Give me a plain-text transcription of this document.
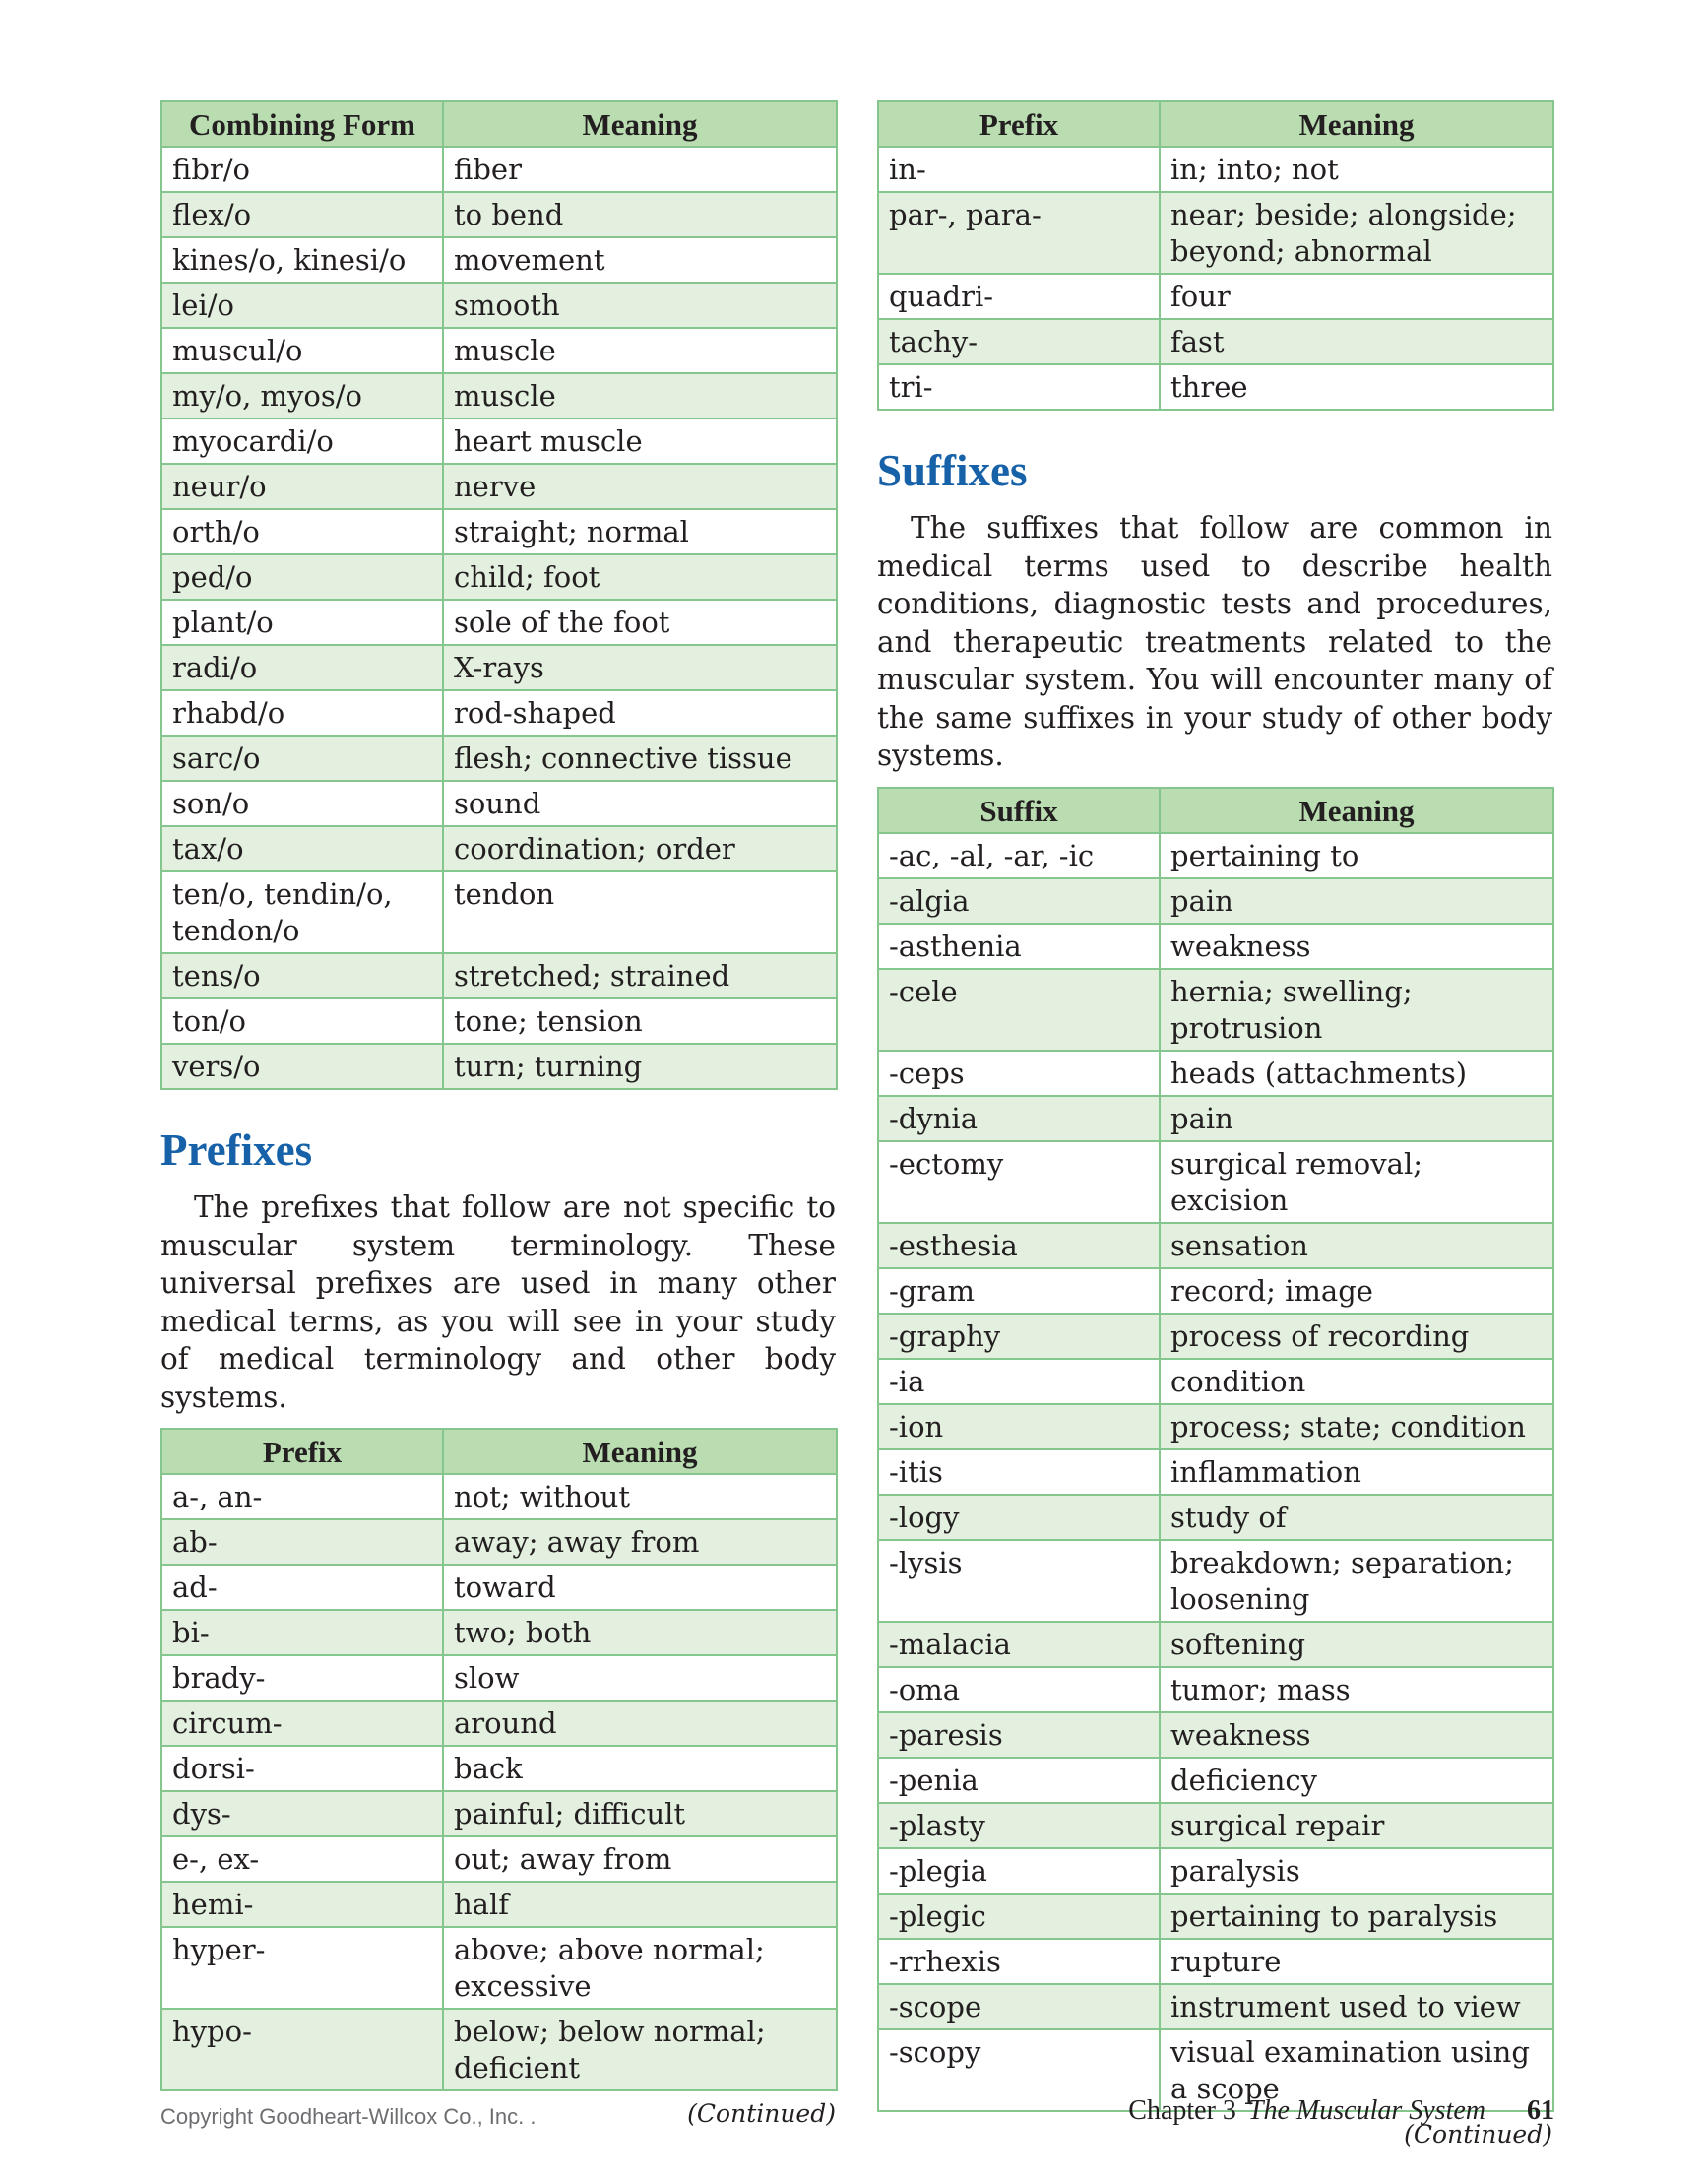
Combining Form	Meaning
fibr/o	fiber
flex/o	to bend
kines/o, kinesi/o	movement
lei/o	smooth
muscul/o	muscle
my/o, myos/o	muscle
myocardi/o	heart muscle
neur/o	nerve
orth/o	straight; normal
ped/o	child; foot
plant/o	sole of the foot
radi/o	X-rays
rhabd/o	rod-shaped
sarc/o	flesh; connective tissue
son/o	sound
tax/o	coordination; order
ten/o, tendin/o, tendon/o	tendon
tens/o	stretched; strained
ton/o	tone; tension
vers/o	turn; turning
Prefixes

The prefixes that follow are not specific to muscular system terminology. These universal prefixes are used in many other medical terms, as you will see in your study of medical terminology and other body systems.

Prefix	Meaning
a-, an-	not; without
ab-	away; away from
ad-	toward
bi-	two; both
brady-	slow
circum-	around
dorsi-	back
dys-	painful; difficult
e-, ex-	out; away from
hemi-	half
hyper-	above; above normal; excessive
hypo-	below; below normal; deficient
(Continued)
Prefix	Meaning
in-	in; into; not
par-, para-	near; beside; alongside; beyond; abnormal
quadri-	four
tachy-	fast
tri-	three
Suffixes

The suffixes that follow are common in medical terms used to describe health conditions, diagnostic tests and procedures, and therapeutic treatments related to the muscular system. You will encounter many of the same suffixes in your study of other body systems.

Suffix	Meaning
-ac, -al, -ar, -ic	pertaining to
-algia	pain
-asthenia	weakness
-cele	hernia; swelling; protrusion
-ceps	heads (attachments)
-dynia	pain
-ectomy	surgical removal; excision
-esthesia	sensation
-gram	record; image
-graphy	process of recording
-ia	condition
-ion	process; state; condition
-itis	inflammation
-logy	study of
-lysis	breakdown; separation; loosening
-malacia	softening
-oma	tumor; mass
-paresis	weakness
-penia	deficiency
-plasty	surgical repair
-plegia	paralysis
-plegic	pertaining to paralysis
-rrhexis	rupture
-scope	instrument used to view
-scopy	visual examination using a scope
(Continued)
Copyright Goodheart-Willcox Co., Inc. .	Chapter 3 The Muscular System 61
